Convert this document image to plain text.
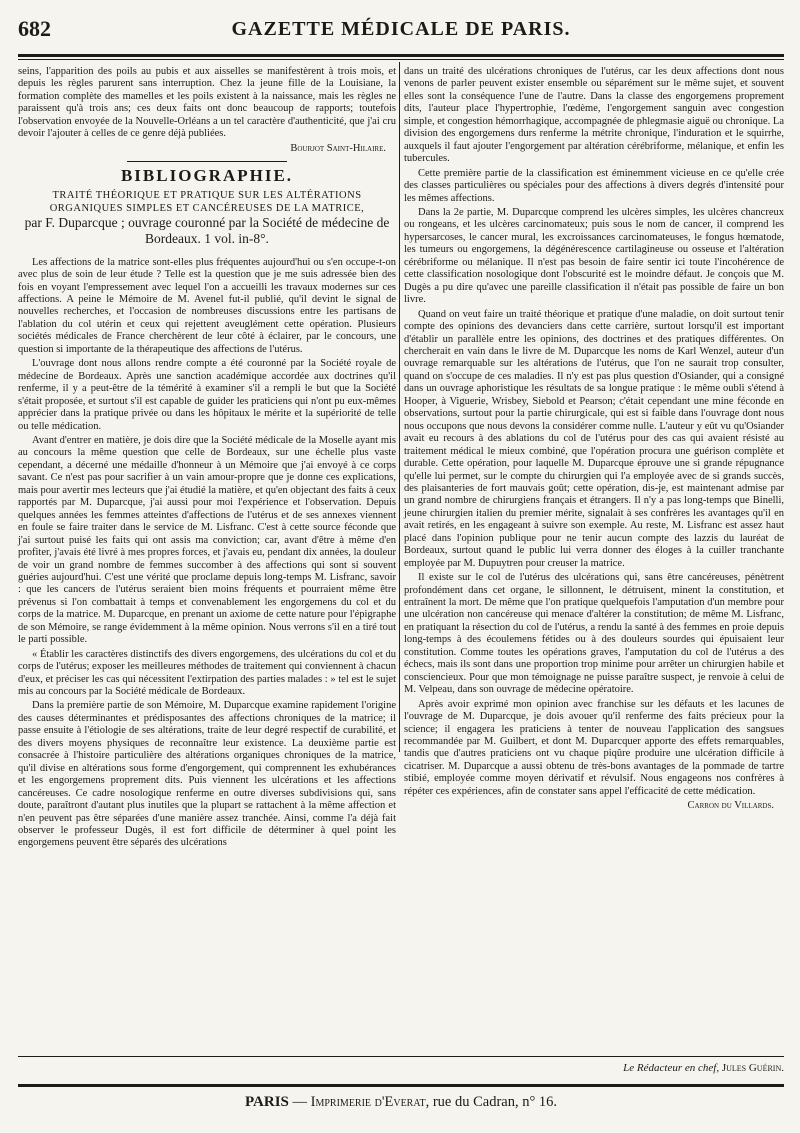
682	GAZETTE MÉDICALE DE PARIS.

seins, l'apparition des poils au pubis et aux aisselles se manifestèrent à trois mois, et depuis les règles parurent sans interruption. Chez la jeune fille de la Louisiane, la formation complète des mamelles et les poils existent à la naissance, mais les règles ne paraissent qu'à trois ans; ces deux faits ont donc beaucoup de rapports; toutefois l'observation envoyée de la Nouvelle-Orléans a un tel caractère d'authenticité, que j'ai cru devoir l'ajouter à celles de ce genre déjà publiées.

Bourjot Saint-Hilaire.
BIBLIOGRAPHIE.
TRAITÉ THÉORIQUE ET PRATIQUE SUR LES ALTÉRATIONS ORGANIQUES SIMPLES ET CANCÉREUSES DE LA MATRICE,
par F. Duparcque ; ouvrage couronné par la Société de médecine de Bordeaux. 1 vol. in-8°.

Les affections de la matrice sont-elles plus fréquentes aujourd'hui ou s'en occupe-t-on avec plus de soin de leur étude ? Telle est la question que je me suis adressée bien des fois en voyant l'empressement avec lequel l'on a accueilli les travaux modernes sur ces affections. A peine le Mémoire de M. Avenel fut-il publié, qu'il devint le signal de nouvelles recherches, et l'occasion de nombreuses discussions entre les partisans de l'ablation du col utérin et ceux qui rejettent aveuglément cette opération. Plusieurs sociétés médicales de France cherchèrent de leur côté à éclairer, par le concours, une question si importante de la thérapeutique des affections de l'utérus.

L'ouvrage dont nous allons rendre compte a été couronné par la Société royale de médecine de Bordeaux. Après une sanction académique accordée aux doctrines qu'il renferme, il y a peut-être de la témérité à examiner s'il a rempli le but que la Société s'était proposée, et surtout s'il est capable de guider les praticiens qui n'ont pu eux-mêmes apprécier dans la pratique privée ou dans les hôpitaux le mérite et la supériorité de telle ou telle médication.

Avant d'entrer en matière, je dois dire que la Société médicale de la Moselle ayant mis au concours la même question que celle de Bordeaux, sur une échelle plus vaste cependant, a décerné une médaille d'honneur à un Mémoire que j'ai envoyé à ce corps savant. Ce n'est pas pour sacrifier à un vain amour-propre que je donne ces explications, mais pour avertir mes lecteurs que j'ai étudié la matière, et qu'en objectant des faits à ceux rapportés par M. Duparcque, j'ai aussi pour moi l'expérience et l'observation. Depuis quelques années les femmes atteintes d'affections de l'utérus et de ses annexes viennent en foule se faire traiter dans le service de M. Lisfranc. C'est à cette source féconde que j'ai surtout puisé les faits qui ont assis ma conviction; car, avant d'être à même d'en profiter, j'avais été livré à mes propres forces, et j'avais eu, pendant dix années, la douleur de voir un grand nombre de femmes succomber à des affections qui sont si souvent guéries aujourd'hui. C'est une vérité que proclame depuis long-temps M. Lisfranc, savoir : que les cancers de l'utérus seraient bien moins fréquents et pourraient même être prévenus si l'on combattait à temps et convenablement les engorgemens du col et du corps de la matrice. M. Duparcque, en prenant un axiome de cette nature pour l'épigraphe de son Mémoire, se range évidemment à la même opinion. Nous verrons s'il en a tiré tout le parti possible.

« Établir les caractères distinctifs des divers engorgemens, des ulcérations du col et du corps de l'utérus; exposer les meilleures méthodes de traitement qui conviennent à chacun d'eux, et préciser les cas qui nécessitent l'extirpation des parties malades : » tel est le sujet mis au concours par la Société médicale de Bordeaux.

Dans la première partie de son Mémoire, M. Duparcque examine rapidement l'origine des causes déterminantes et prédisposantes des affections chroniques de la matrice; il passe ensuite à l'étiologie de ses altérations, traite de leur degré respectif de curabilité, et des divers moyens physiques de reconnaître leur existence. La deuxième partie est consacrée à l'histoire particulière des altérations organiques chroniques de la matrice, qu'il divise en altérations sous forme d'engorgement, qui comprennent les exhubérances et les engorgemens proprement dits. Puis viennent les ulcérations et les affections cancéreuses. Ce cadre nosologique renferme en outre diverses subdivisions qui, sans doute, paraîtront d'autant plus inutiles que la plupart se rattachent à la même affection et n'en peuvent pas être séparées d'une manière assez tranchée. Ainsi, comme l'a déjà fait observer le professeur Dugès, il est fort difficile de déterminer à quel point les engorgemens peuvent être séparés des ulcérations

dans un traité des ulcérations chroniques de l'utérus, car les deux affections dont nous venons de parler peuvent exister ensemble ou séparément sur le même sujet, et souvent elles sont la conséquence l'une de l'autre. Dans la classe des engorgemens proprement dits, l'auteur place l'hypertrophie, l'œdème, l'engorgement sanguin avec congestion simple, et congestion hémorrhagique, accompagnée de phlegmasie aiguë ou chronique. La division des engorgemens durs renferme la métrite chronique, l'induration et le squirrhe, auxquels il faut ajouter l'engorgement par altération cérébriforme, mélanique, et enfin les tubercules.

Cette première partie de la classification est éminemment vicieuse en ce qu'elle crée des classes particulières ou spéciales pour des affections à divers degrés d'intensité pour les mêmes affections.

Dans la 2e partie, M. Duparcque comprend les ulcères simples, les ulcères chancreux ou rongeans, et les ulcères carcinomateux; puis sous le nom de cancer, il comprend les hypersarcoses, le cancer mural, les excroissances carcinomateuses, le fongus hœmatode, les tumeurs ou engorgemens, la dégénérescence cartilagineuse ou osseuse et l'altération cérébriforme ou mélanique. Il n'est pas besoin de faire sentir ici toute l'incohérence de cette classification nosologique dont l'obscurité est le moindre défaut. Je conçois que M. Dugès a pu dire qu'avec une pareille classification il n'était pas possible de faire un bon livre.

Quand on veut faire un traité théorique et pratique d'une maladie, on doit surtout tenir compte des opinions des devanciers dans cette carrière, surtout lorsqu'il est important d'établir un parallèle entre les opinions, des doctrines et des pratiques différentes. On chercherait en vain dans le livre de M. Duparcque les noms de Karl Wenzel, auteur d'un ouvrage remarquable sur les altérations de l'utérus, que l'on ne saurait trop consulter, quand on s'occupe de ces maladies. Il n'y est pas plus question d'Osiander, qui a consigné dans un ouvrage aphoristique les résultats de sa longue pratique : le même oubli s'étend à Hooper, à Viguerie, Wrisbey, Siebold et Pearson; c'était cependant une mine féconde en observations, surtout pour la partie chirurgicale, qui est si faible dans l'ouvrage dont nous nous occupons que nous devons la considérer comme nulle. L'auteur y eût vu qu'Osiander avait eu recours à des ablations du col de l'utérus pour des cas qui avaient résisté au traitement médical le mieux combiné, que l'opération procura une guérison complète et durable. Cette opération, pour laquelle M. Duparcque éprouve une si grande répugnance qu'elle lui permet, sur le compte du chirurgien qui l'a employée avec de si grands succès, des plaisanteries de fort mauvais goût; cette opération, dis-je, est maintenant admise par un grand nombre de chirurgiens français et étrangers. Il n'y a pas long-temps que Binelli, jeune chirurgien italien du premier mérite, signalait à ses confrères les avantages qu'il en avait retirés, en les engageant à suivre son exemple. Au reste, M. Lisfranc est assez haut placé dans l'opinion publique pour ne tenir aucun compte des lazzis du lauréat de Bordeaux, surtout quand le public lui verra donner des éloges à la cuiller tranchante employée par M. Dupuytren pour creuser la matrice.

Il existe sur le col de l'utérus des ulcérations qui, sans être cancéreuses, pénètrent profondément dans cet organe, le sillonnent, le détruisent, minent la constitution, et entraînent la mort. De même que l'on pratique quelquefois l'amputation d'un membre pour une ulcération non cancéreuse qui menace d'altérer la constitution; de même M. Lisfranc, en pratiquant la résection du col de l'utérus, a rendu la santé à des femmes en proie depuis long-temps à des écoulemens fétides ou à des douleurs sourdes qui épuisaient leur constitution. Comme toutes les opérations graves, l'amputation du col de l'utérus a des échecs, mais ils sont dans une proportion trop minime pour arrêter un chirurgien habile et consciencieux. Pour que mon témoignage ne puisse paraître suspect, je renvoie à celui de M. Velpeau, dans son ouvrage de médecine opératoire.

Après avoir exprimé mon opinion avec franchise sur les défauts et les lacunes de l'ouvrage de M. Duparcque, je dois avouer qu'il renferme des faits précieux pour la science; il engagera les praticiens à tenter de nouveau l'application des sangsues recommandée par M. Guilbert, et dont M. Duparcquer apporte des effets remarquables, tandis que d'autres praticiens ont vu chaque piqûre produire une ulcération difficile à cicatriser. M. Duparcque a aussi obtenu de très-bons avantages de la pommade de tartre stibié, employée comme moyen dérivatif et révulsif. Nous engageons nos confrères à répéter ces expériences, afin de constater sans appel l'efficacité de cette médication.

Carron du Villards.
Le Rédacteur en chef, Jules Guérin.
PARIS — Imprimerie d'Everat, rue du Cadran, n° 16.
